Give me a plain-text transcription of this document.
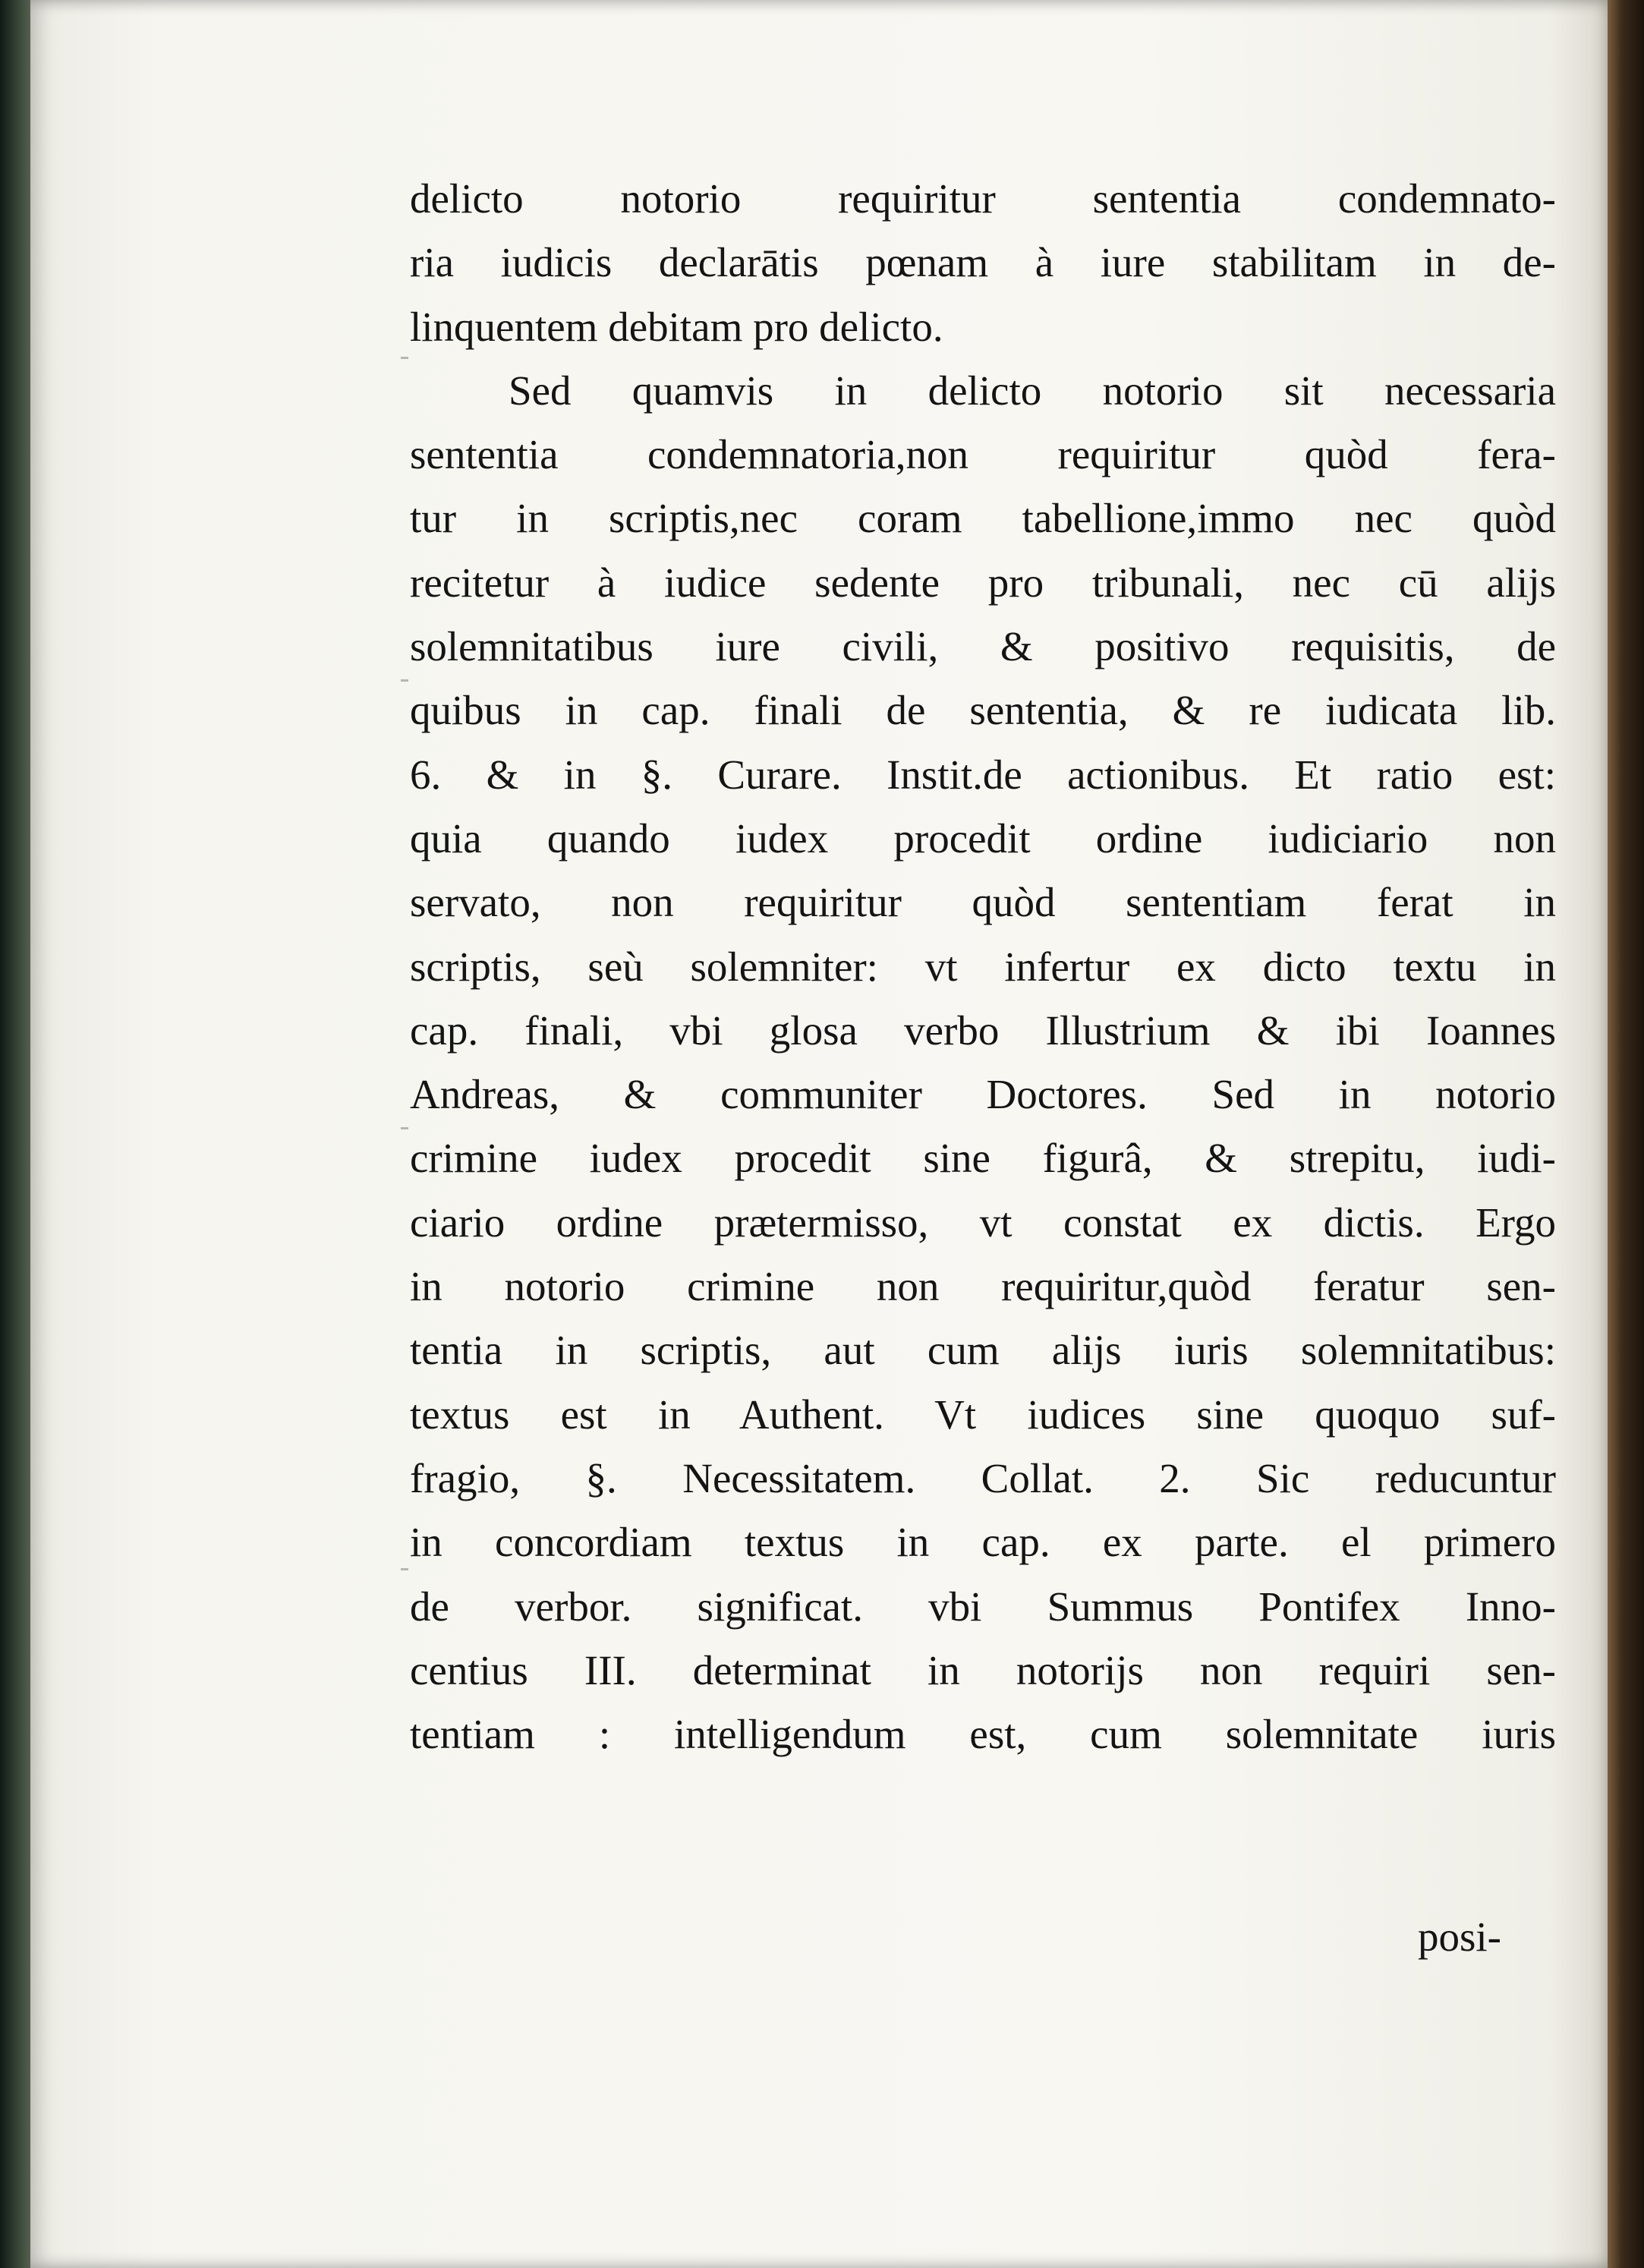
delicto notorio requiritur sententia condemnato-
ria iudicis declarātis pœnam à iure stabilitam in de-
linquentem debitam pro delicto.
Sed quamvis in delicto notorio sit necessaria
sententia condemnatoria,non requiritur quòd fera-
tur in scriptis,nec coram tabellione,immo nec quòd
recitetur à iudice sedente pro tribunali, nec cū alijs
solemnitatibus iure civili, & positivo requisitis, de
quibus in cap. finali de sententia, & re iudicata lib.
6. & in §. Curare. Instit.de actionibus. Et ratio est:
quia quando iudex procedit ordine iudiciario non
servato, non requiritur quòd sententiam ferat in
scriptis, seù solemniter: vt infertur ex dicto textu in
cap. finali, vbi glosa verbo Illustrium & ibi Ioannes
Andreas, & communiter Doctores. Sed in notorio
crimine iudex procedit sine figurâ, & strepitu, iudi-
ciario ordine prætermisso, vt constat ex dictis. Ergo
in notorio crimine non requiritur,quòd feratur sen-
tentia in scriptis, aut cum alijs iuris solemnitatibus:
textus est in Authent. Vt iudices sine quoquo suf-
fragio, §. Necessitatem. Collat. 2. Sic reducuntur
in concordiam textus in cap. ex parte. el primero
de verbor. significat. vbi Summus Pontifex Inno-
centius III. determinat in notorijs non requiri sen-
tentiam : intelligendum est, cum solemnitate iuris
posi-
